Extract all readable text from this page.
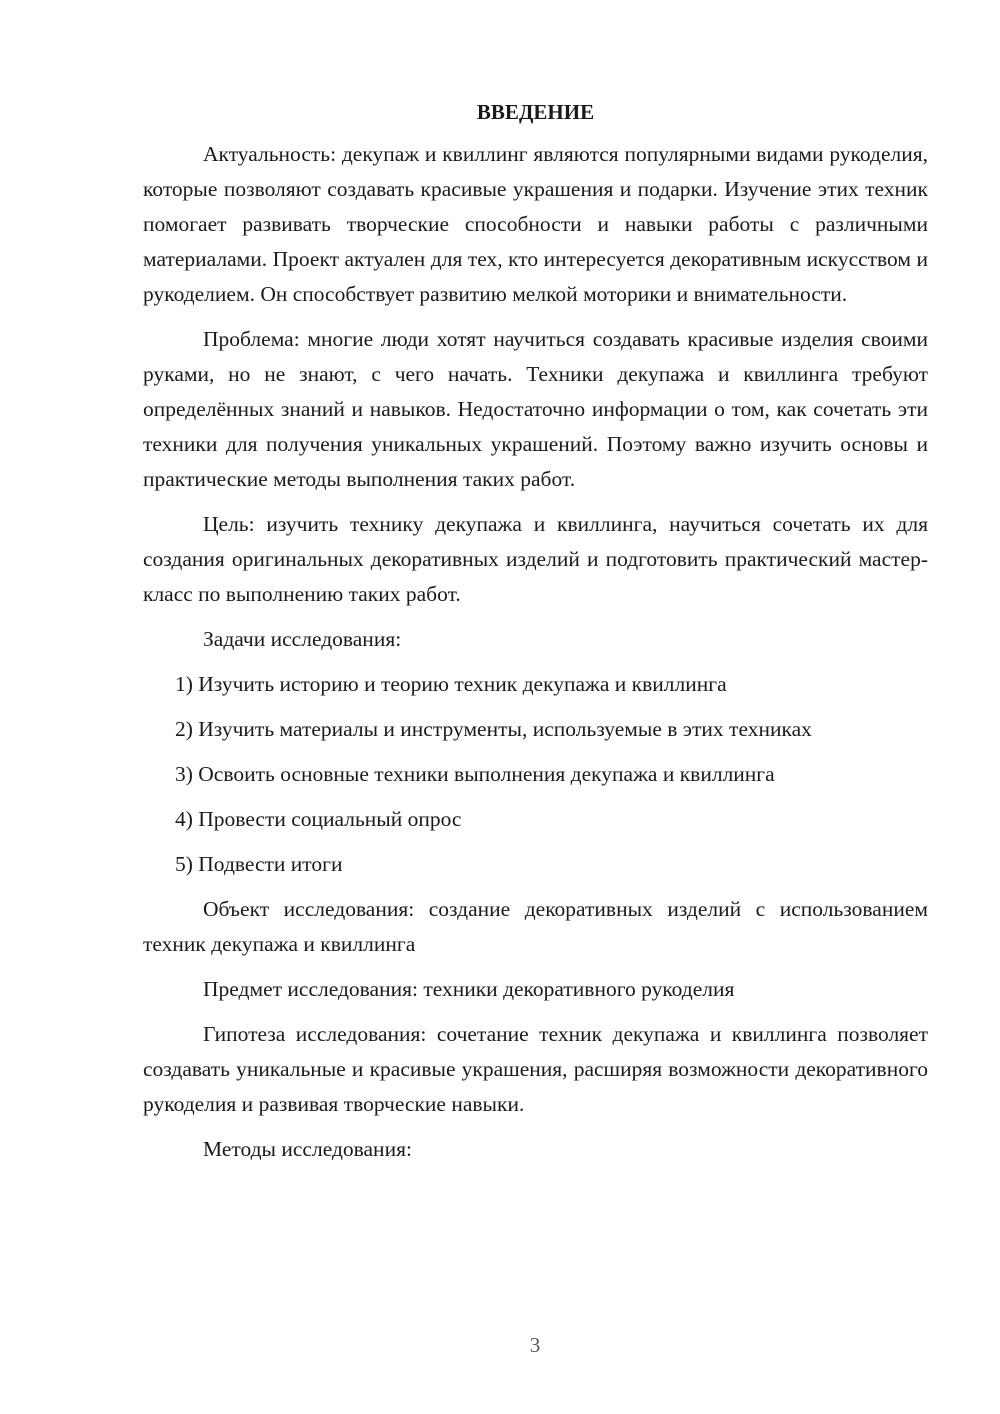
ВВЕДЕНИЕ

Актуальность: декупаж и квиллинг являются популярными видами рукоделия, которые позволяют создавать красивые украшения и подарки. Изучение этих техник помогает развивать творческие способности и навыки работы с различными материалами. Проект актуален для тех, кто интересуется декоративным искусством и рукоделием. Он способствует развитию мелкой моторики и внимательности.

Проблема: многие люди хотят научиться создавать красивые изделия своими руками, но не знают, с чего начать. Техники декупажа и квиллинга требуют определённых знаний и навыков. Недостаточно информации о том, как сочетать эти техники для получения уникальных украшений. Поэтому важно изучить основы и практические методы выполнения таких работ.

Цель: изучить технику декупажа и квиллинга, научиться сочетать их для создания оригинальных декоративных изделий и подготовить практический мастер-класс по выполнению таких работ.

Задачи исследования:

1) Изучить историю и теорию техник декупажа и квиллинга
2) Изучить материалы и инструменты, используемые в этих техниках
3) Освоить основные техники выполнения декупажа и квиллинга
4) Провести социальный опрос
5) Подвести итоги

Объект исследования: создание декоративных изделий с использованием техник декупажа и квиллинга

Предмет исследования: техники декоративного рукоделия

Гипотеза исследования: сочетание техник декупажа и квиллинга позволяет создавать уникальные и красивые украшения, расширяя возможности декоративного рукоделия и развивая творческие навыки.

Методы исследования:

3
